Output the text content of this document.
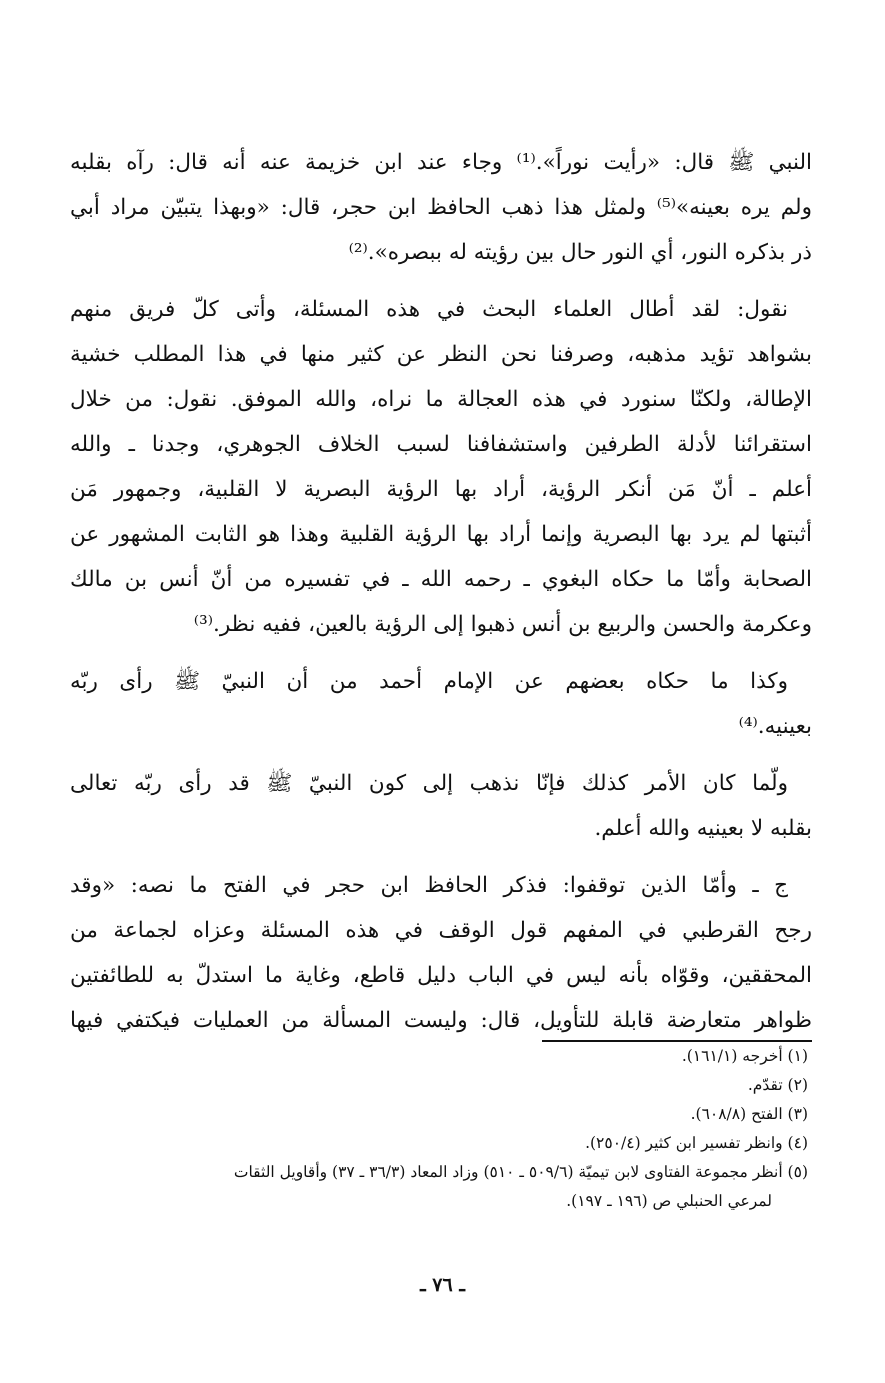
النبي ﷺ قال: «رأيت نوراً».⁽¹⁾ وجاء عند ابن خزيمة عنه أنه قال: رآه بقلبه
ولم يره بعينه»⁽⁵⁾ ولمثل هذا ذهب الحافظ ابن حجر، قال: «وبهذا يتبيّن مراد أبي
ذر بذكره النور، أي النور حال بين رؤيته له ببصره».⁽²⁾
نقول: لقد أطال العلماء البحث في هذه المسئلة، وأتى كلّ فريق منهم
بشواهد تؤيد مذهبه، وصرفنا نحن النظر عن كثير منها في هذا المطلب خشية
الإطالة، ولكنّا سنورد في هذه العجالة ما نراه، والله الموفق. نقول: من خلال
استقرائنا لأدلة الطرفين واستشفافنا لسبب الخلاف الجوهري، وجدنا ـ والله
أعلم ـ أنّ مَن أنكر الرؤية، أراد بها الرؤية البصرية لا القلبية، وجمهور مَن
أثبتها لم يرد بها البصرية وإنما أراد بها الرؤية القلبية وهذا هو الثابت المشهور عن
الصحابة وأمّا ما حكاه البغوي ـ رحمه الله ـ في تفسيره من أنّ أنس بن مالك
وعكرمة والحسن والربيع بن أنس ذهبوا إلى الرؤية بالعين، ففيه نظر.⁽³⁾
وكذا ما حكاه بعضهم عن الإمام أحمد من أن النبيّ ﷺ رأى ربّه
بعينيه.⁽⁴⁾
ولّما كان الأمر كذلك فإنّا نذهب إلى كون النبيّ ﷺ قد رأى ربّه تعالى
بقلبه لا بعينيه والله أعلم.
ج ـ وأمّا الذين توقفوا: فذكر الحافظ ابن حجر في الفتح ما نصه: «وقد
رجح القرطبي في المفهم قول الوقف في هذه المسئلة وعزاه لجماعة من
المحققين، وقوّاه بأنه ليس في الباب دليل قاطع، وغاية ما استدلّ به للطائفتين
ظواهر متعارضة قابلة للتأويل، قال: وليست المسألة من العمليات فيكتفي فيها
(١) أخرجه (١٦١/١).
(٢) تقدّم.
(٣) الفتح (٦٠٨/٨).
(٤) وانظر تفسير ابن كثير (٢٥٠/٤).
(٥) أنظر مجموعة الفتاوى لابن تيميّة (٥٠٩/٦ ـ ٥١٠) وزاد المعاد (٣٦/٣ ـ ٣٧) وأقاويل الثقات
لمرعي الحنبلي ص (١٩٦ ـ ١٩٧).
ـ ٧٦ ـ
